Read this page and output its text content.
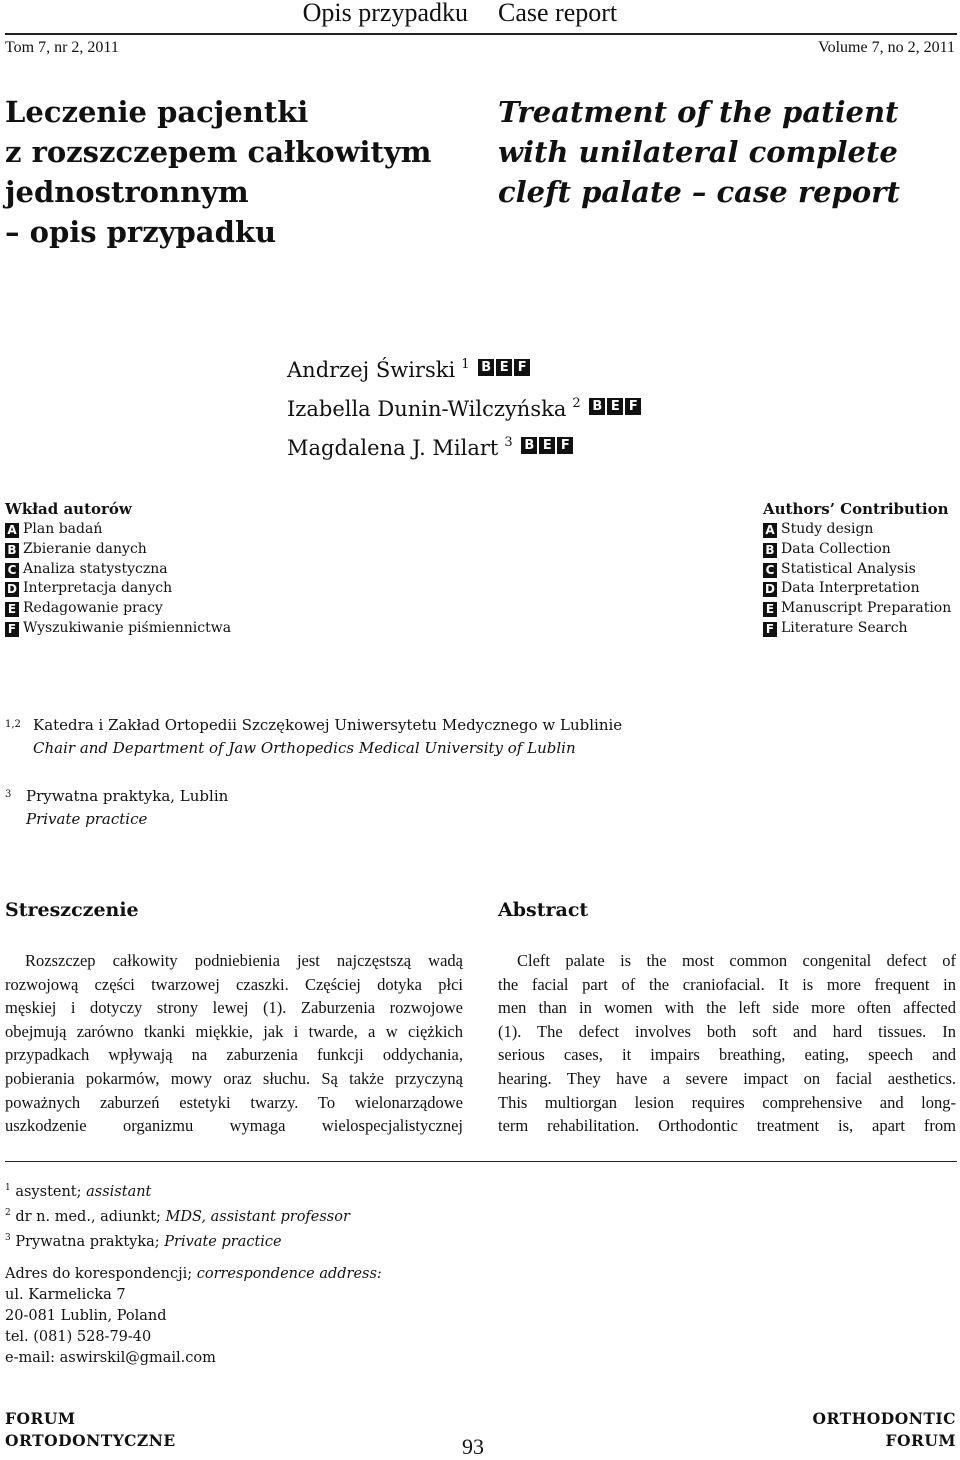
Opis przypadku Case report
Tom 7, nr 2, 2011	Volume 7, no 2, 2011
Leczenie pacjentki
z rozszczepem całkowitym
jednostronnym
– opis przypadku
Treatment of the patient
with unilateral complete
cleft palate – case report
Andrzej Świrski $^1$ B E F
Izabella Dunin-Wilczyńska $^2$ B E F
Magdalena J. Milart $^3$ B E F
Wkład autorów
A Plan badań
B Zbieranie danych
C Analiza statystyczna
D Interpretacja danych
E Redagowanie pracy
F Wyszukiwanie piśmiennictwa
Authors’ Contribution
A Study design
B Data Collection
C Statistical Analysis
D Data Interpretation
E Manuscript Preparation
F Literature Search
$^{1,2}$ Katedra i Zakład Ortopedii Szczękowej Uniwersytetu Medycznego w Lublinie
Chair and Department of Jaw Orthopedics Medical University of Lublin
$^3$ Prywatna praktyka, Lublin
Private practice
Streszczenie	Abstract
Rozszczep całkowity podniebienia jest najczęstszą wadą
rozwojową części twarzowej czaszki. Częściej dotyka płci
męskiej i dotyczy strony lewej (1). Zaburzenia rozwojowe
obejmują zarówno tkanki miękkie, jak i twarde, a w ciężkich
przypadkach wpływają na zaburzenia funkcji oddychania,
pobierania pokarmów, mowy oraz słuchu. Są także przyczyną
poważnych zaburzeń estetyki twarzy. To wielonarządowe
uszkodzenie organizmu wymaga wielospecjalistycznej
Cleft palate is the most common congenital defect of
the facial part of the craniofacial. It is more frequent in
men than in women with the left side more often affected
(1). The defect involves both soft and hard tissues. In
serious cases, it impairs breathing, eating, speech and
hearing. They have a severe impact on facial aesthetics.
This multiorgan lesion requires comprehensive and long-
term rehabilitation. Orthodontic treatment is, apart from
$^1$ asystent; assistant
$^2$ dr n. med., adiunkt; MDS, assistant professor
$^3$ Prywatna praktyka; Private practice
Adres do korespondencji; correspondence address:
ul. Karmelicka 7
20-081 Lublin, Poland
tel. (081) 528-79-40
e-mail: aswirskil@gmail.com
FORUM
ORTODONTYCZNE	93
ORTHODONTIC
FORUM
